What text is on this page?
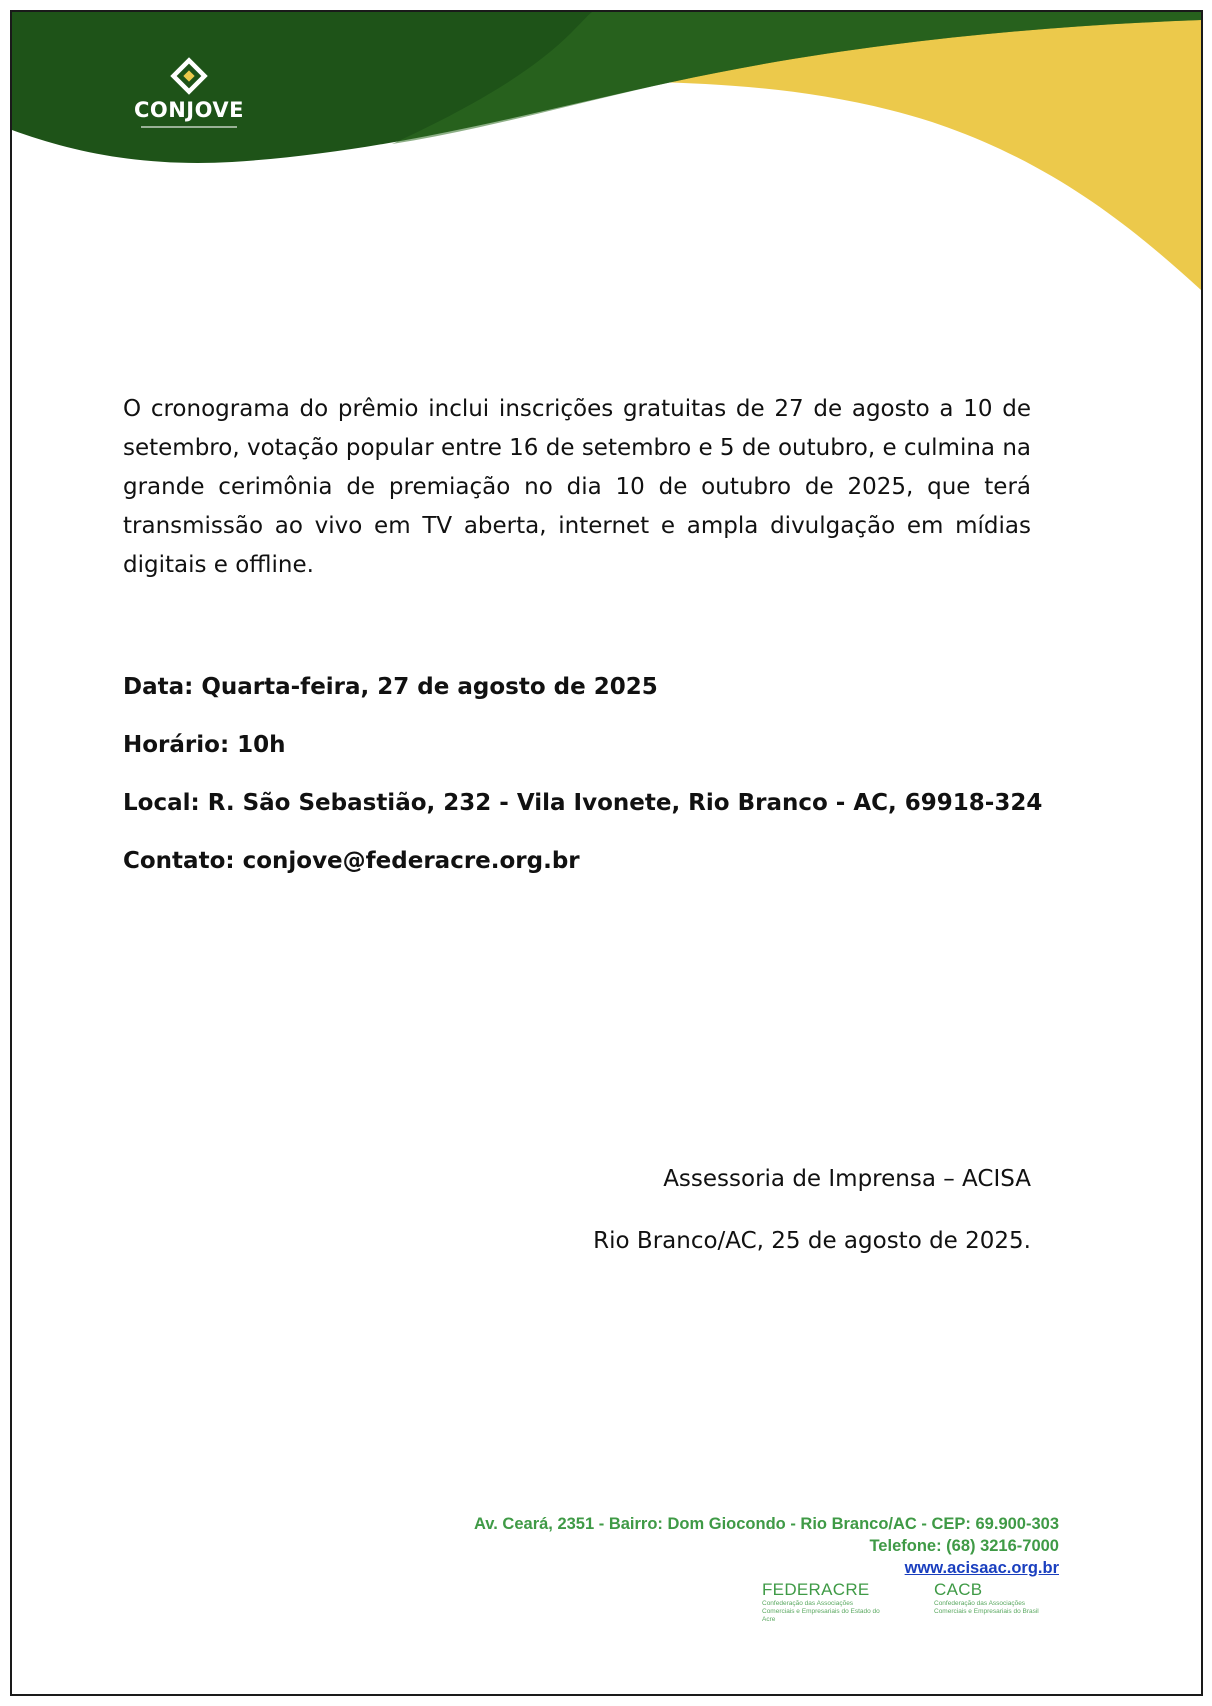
CONJOVE

O cronograma do prêmio inclui inscrições gratuitas de 27 de agosto a 10 de setembro, votação popular entre 16 de setembro e 5 de outubro, e culmina na grande cerimônia de premiação no dia 10 de outubro de 2025, que terá transmissão ao vivo em TV aberta, internet e ampla divulgação em mídias digitais e offline.

Data: Quarta-feira, 27 de agosto de 2025

Horário: 10h

Local: R. São Sebastião, 232 - Vila Ivonete, Rio Branco - AC, 69918-324

Contato: conjove@federacre.org.br

Assessoria de Imprensa – ACISA

Rio Branco/AC, 25 de agosto de 2025.

Av. Ceará, 2351 - Bairro: Dom Giocondo - Rio Branco/AC - CEP: 69.900-303

Telefone: (68) 3216-7000

www.acisaac.org.br

FEDERACRE
Confederação das Associações Comerciais e Empresariais do Estado do Acre
CACB
Confederação das Associações Comerciais e Empresariais do Brasil
